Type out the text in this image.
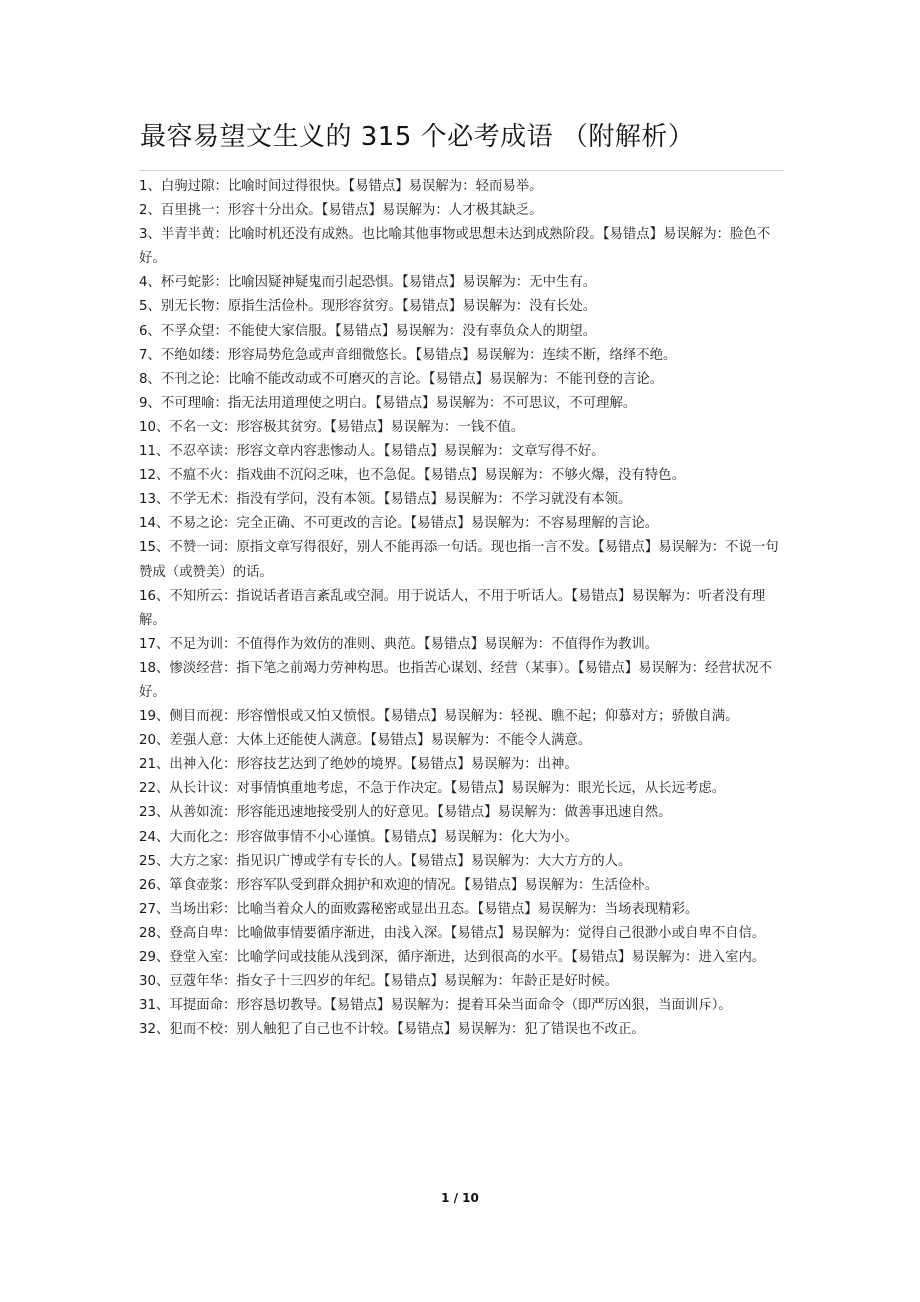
最容易望文生义的 315 个必考成语 （附解析）

1、白驹过隙：比喻时间过得很快。【易错点】易误解为：轻而易举。

2、百里挑一：形容十分出众。【易错点】易误解为：人才极其缺乏。

3、半青半黄：比喻时机还没有成熟。也比喻其他事物或思想未达到成熟阶段。【易错点】易误解为：脸色不好。

4、杯弓蛇影：比喻因疑神疑鬼而引起恐惧。【易错点】易误解为：无中生有。

5、别无长物：原指生活俭朴。现形容贫穷。【易错点】易误解为：没有长处。

6、不孚众望：不能使大家信服。【易错点】易误解为：没有辜负众人的期望。

7、不绝如缕：形容局势危急或声音细微悠长。【易错点】易误解为：连续不断，络绎不绝。

8、不刊之论：比喻不能改动或不可磨灭的言论。【易错点】易误解为：不能刊登的言论。

9、不可理喻：指无法用道理使之明白。【易错点】易误解为：不可思议，不可理解。

10、不名一文：形容极其贫穷。【易错点】易误解为：一钱不值。

11、不忍卒读：形容文章内容悲惨动人。【易错点】易误解为：文章写得不好。

12、不瘟不火：指戏曲不沉闷乏味，也不急促。【易错点】易误解为：不够火爆，没有特色。

13、不学无术：指没有学问，没有本领。【易错点】易误解为：不学习就没有本领。

14、不易之论：完全正确、不可更改的言论。【易错点】易误解为：不容易理解的言论。

15、不赞一词：原指文章写得很好，别人不能再添一句话。现也指一言不发。【易错点】易误解为：不说一句赞成（或赞美）的话。

16、不知所云：指说话者语言紊乱或空洞。用于说话人，不用于听话人。【易错点】易误解为：听者没有理解。

17、不足为训：不值得作为效仿的准则、典范。【易错点】易误解为：不值得作为教训。

18、惨淡经营：指下笔之前竭力劳神构思。也指苦心谋划、经营（某事）。【易错点】易误解为：经营状况不好。

19、侧目而视：形容憎恨或又怕又愤恨。【易错点】易误解为：轻视、瞧不起；仰慕对方；骄傲自满。

20、差强人意：大体上还能使人满意。【易错点】易误解为：不能令人满意。

21、出神入化：形容技艺达到了绝妙的境界。【易错点】易误解为：出神。

22、从长计议：对事情慎重地考虑，不急于作决定。【易错点】易误解为：眼光长远，从长远考虑。

23、从善如流：形容能迅速地接受别人的好意见。【易错点】易误解为：做善事迅速自然。

24、大而化之：形容做事情不小心谨慎。【易错点】易误解为：化大为小。

25、大方之家：指见识广博或学有专长的人。【易错点】易误解为：大大方方的人。

26、箪食壶浆：形容军队受到群众拥护和欢迎的情况。【易错点】易误解为：生活俭朴。

27、当场出彩：比喻当着众人的面败露秘密或显出丑态。【易错点】易误解为：当场表现精彩。

28、登高自卑：比喻做事情要循序渐进，由浅入深。【易错点】易误解为：觉得自己很渺小或自卑不自信。

29、登堂入室：比喻学问或技能从浅到深，循序渐进，达到很高的水平。【易错点】易误解为：进入室内。

30、豆蔻年华：指女子十三四岁的年纪。【易错点】易误解为：年龄正是好时候。

31、耳提面命：形容恳切教导。【易错点】易误解为：提着耳朵当面命令（即严厉凶狠，当面训斥）。

32、犯而不校：别人触犯了自己也不计较。【易错点】易误解为：犯了错误也不改正。

1 / 10
